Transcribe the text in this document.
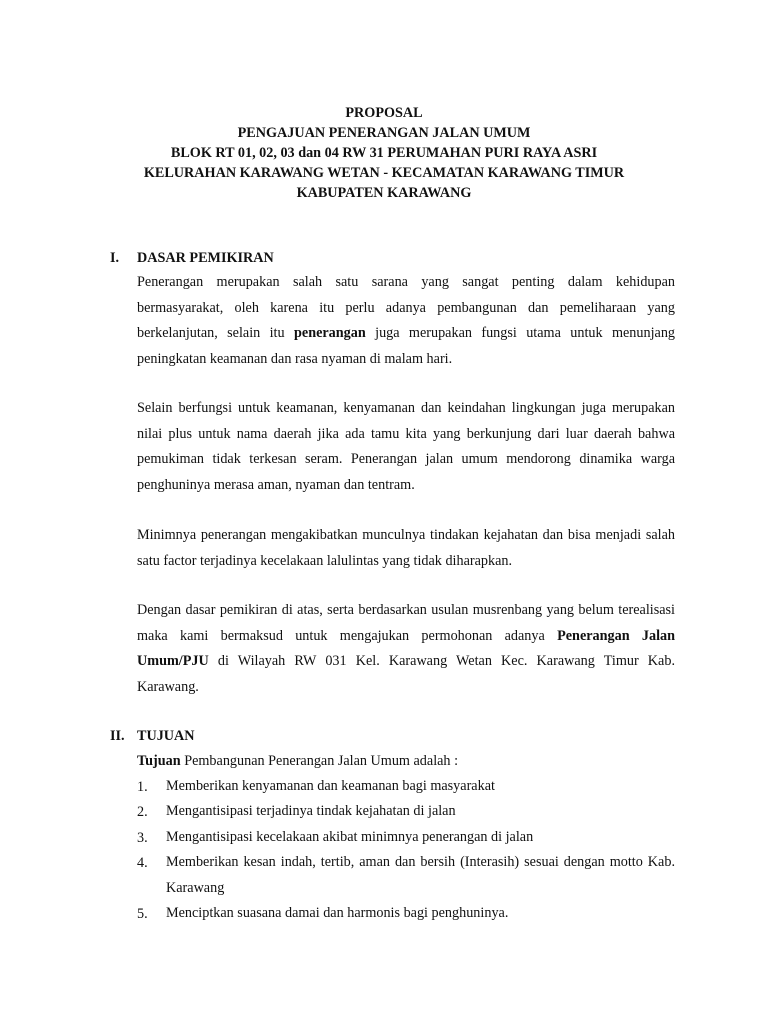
PROPOSAL
PENGAJUAN PENERANGAN JALAN UMUM
BLOK RT 01, 02, 03 dan 04 RW 31 PERUMAHAN PURI RAYA ASRI
KELURAHAN KARAWANG WETAN - KECAMATAN KARAWANG TIMUR
KABUPATEN KARAWANG
I. DASAR PEMIKIRAN
Penerangan merupakan salah satu sarana yang sangat penting dalam kehidupan bermasyarakat, oleh karena itu perlu adanya pembangunan dan pemeliharaan yang berkelanjutan, selain itu penerangan juga merupakan fungsi utama untuk menunjang peningkatan keamanan dan rasa nyaman di malam hari.
Selain berfungsi untuk keamanan, kenyamanan dan keindahan lingkungan juga merupakan nilai plus untuk nama daerah jika ada tamu kita yang berkunjung dari luar daerah bahwa pemukiman tidak terkesan seram. Penerangan jalan umum mendorong dinamika warga penghuninya merasa aman, nyaman dan tentram.
Minimnya penerangan mengakibatkan munculnya tindakan kejahatan dan bisa menjadi salah satu factor terjadinya kecelakaan lalulintas yang tidak diharapkan.
Dengan dasar pemikiran di atas, serta berdasarkan usulan musrenbang yang belum terealisasi maka kami bermaksud untuk mengajukan permohonan adanya Penerangan Jalan Umum/PJU di Wilayah RW 031 Kel. Karawang Wetan Kec. Karawang Timur Kab. Karawang.
II. TUJUAN
Tujuan Pembangunan Penerangan Jalan Umum adalah :
1. Memberikan kenyamanan dan keamanan bagi masyarakat
2. Mengantisipasi terjadinya tindak kejahatan di jalan
3. Mengantisipasi kecelakaan akibat minimnya penerangan di jalan
4. Memberikan kesan indah, tertib, aman dan bersih (Interasih) sesuai dengan motto Kab. Karawang
5. Menciptkan suasana damai dan harmonis bagi penghuninya.
